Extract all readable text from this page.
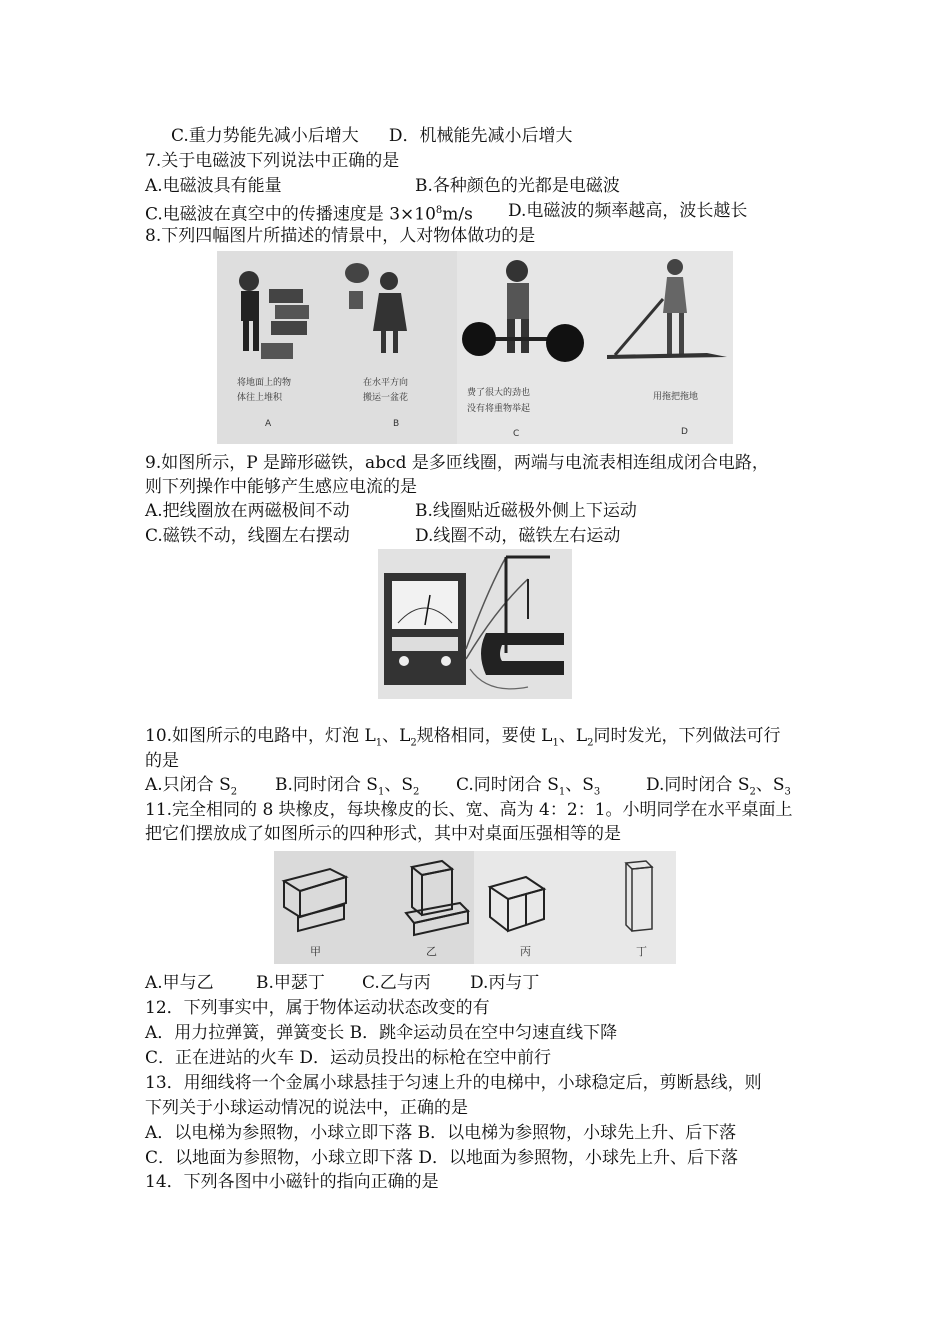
C.重力势能先减小后增大 D．机械能先减小后增大
7.关于电磁波下列说法中正确的是
A.电磁波具有能量	B.各种颜色的光都是电磁波
C.电磁波在真空中的传播速度是 $3\times 10^8m/s$ D.电磁波的频率越高，波长越长
8.下列四幅图片所描述的情景中，人对物体做功的是
将地面上的物
体往上堆积
A
在水平方向
搬运一盆花
B
费了很大的劲也
没有将重物举起
C
用拖把拖地
D
9.如图所示，P 是蹄形磁铁，abcd 是多匝线圈，两端与电流表相连组成闭合电路，
则下列操作中能够产生感应电流的是
A.把线圈放在两磁极间不动	B.线圈贴近磁极外侧上下运动
C.磁铁不动，线圈左右摆动	D.线圈不动，磁铁左右运动
10.如图所示的电路中，灯泡 $L_1$、$L_2$规格相同，要使 $L_1$、$L_2$同时发光，下列做法可行
的是
A.只闭合 $S_2$ B.同时闭合 $S_1$、$S_2$ C.同时闭合 $S_1$、$S_3$	D.同时闭合 $S_2$、$S_3$
11.完全相同的 8 块橡皮，每块橡皮的长、宽、高为 4：2：1。小明同学在水平桌面上
把它们摆放成了如图所示的四种形式，其中对桌面压强相等的是
甲	乙	丙	丁
A.甲与乙 B.甲瑟丁 C.乙与丙 D.丙与丁
12．下列事实中，属于物体运动状态改变的有
A．用力拉弹簧，弹簧变长 B．跳伞运动员在空中匀速直线下降
C．正在进站的火车 D．运动员投出的标枪在空中前行
13．用细线将一个金属小球悬挂于匀速上升的电梯中，小球稳定后，剪断悬线，则
下列关于小球运动情况的说法中，正确的是
A．以电梯为参照物，小球立即下落 B．以电梯为参照物，小球先上升、后下落
C．以地面为参照物，小球立即下落 D．以地面为参照物，小球先上升、后下落
14．下列各图中小磁针的指向正确的是
